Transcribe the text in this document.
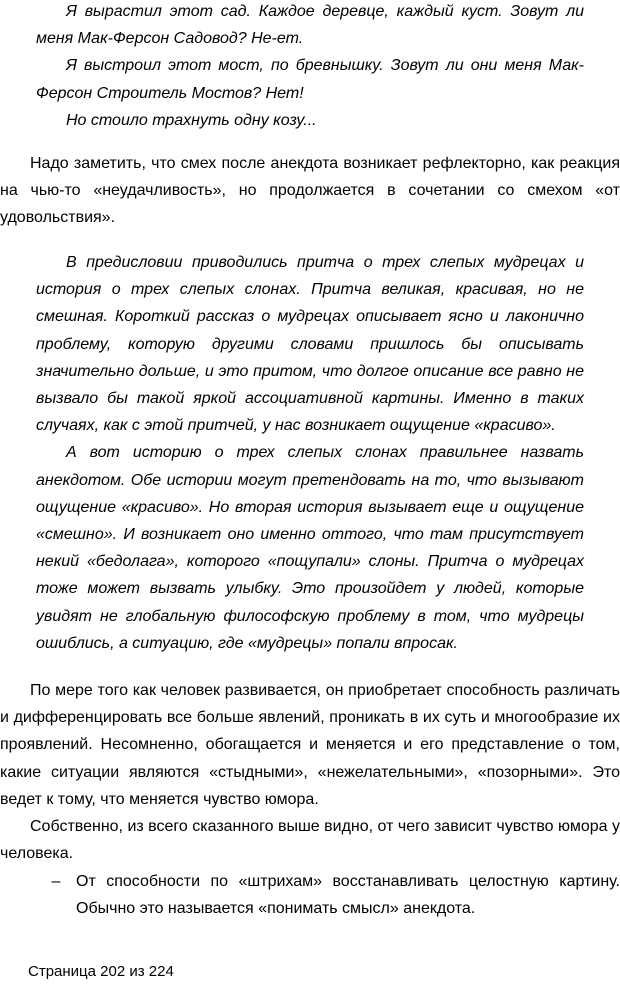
Я вырастил этот сад. Каждое деревце, каждый куст. Зовут ли меня Мак-Ферсон Садовод? Не-ет.

Я выстроил этот мост, по бревнышку. Зовут ли они меня Мак-Ферсон Строитель Мостов? Нет!

Но стоило трахнуть одну козу...

Надо заметить, что смех после анекдота возникает рефлекторно, как реакция на чью-то «неудачливость», но продолжается в сочетании со смехом «от удовольствия».

В предисловии приводились притча о трех слепых мудрецах и история о трех слепых слонах. Притча великая, красивая, но не смешная. Короткий рассказ о мудрецах описывает ясно и лаконично проблему, которую другими словами пришлось бы описывать значительно дольше, и это притом, что долгое описание все равно не вызвало бы такой яркой ассоциативной картины. Именно в таких случаях, как с этой притчей, у нас возникает ощущение «красиво».

А вот историю о трех слепых слонах правильнее назвать анекдотом. Обе истории могут претендовать на то, что вызывают ощущение «красиво». Но вторая история вызывает еще и ощущение «смешно». И возникает оно именно оттого, что там присутствует некий «бедолага», которого «пощупали» слоны. Притча о мудрецах тоже может вызвать улыбку. Это произойдет у людей, которые увидят не глобальную философскую проблему в том, что мудрецы ошиблись, а ситуацию, где «мудрецы» попали впросак.

По мере того как человек развивается, он приобретает способность различать и дифференцировать все больше явлений, проникать в их суть и многообразие их проявлений. Несомненно, обогащается и меняется и его представление о том, какие ситуации являются «стыдными», «нежелательными», «позорными». Это ведет к тому, что меняется чувство юмора.

Собственно, из всего сказанного выше видно, от чего зависит чувство юмора у человека.

– От способности по «штрихам» восстанавливать целостную картину. Обычно это называется «понимать смысл» анекдота.
Страница 202 из 224
